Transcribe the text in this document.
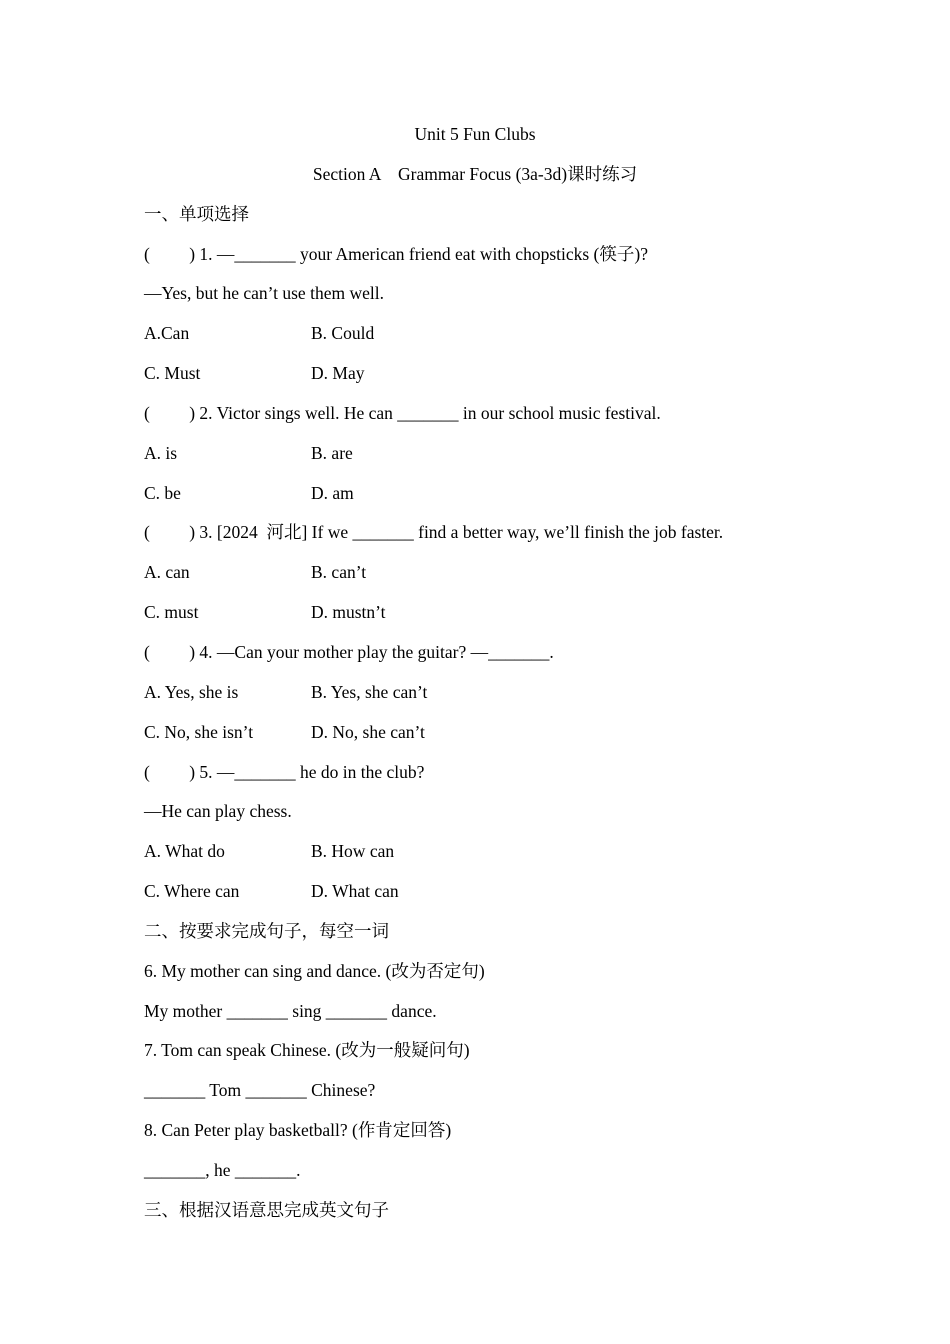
Unit 5 Fun Clubs
Section A　Grammar Focus (3a-3d)课时练习
一、单项选择
(　　 ) 1. —_______ your American friend eat with chopsticks (筷子)?
—Yes, but he can’t use them well.
A.Can	B. Could
C. Must	D. May
(　　 ) 2. Victor sings well. He can _______ in our school music festival.
A. is	B. are
C. be	D. am
(　　 ) 3. [2024  河北] If we _______ find a better way, we’ll finish the job faster.
A. can	B. can’t
C. must	D. mustn’t
(　　 ) 4. —Can your mother play the guitar? —_______.
A. Yes, she is	B. Yes, she can’t
C. No, she isn’t	D. No, she can’t
(　　 ) 5. —_______ he do in the club?
—He can play chess.
A. What do	B. How can
C. Where can	D. What can
二、按要求完成句子，每空一词
6. My mother can sing and dance. (改为否定句)
My mother _______ sing _______ dance.
7. Tom can speak Chinese. (改为一般疑问句)
_______ Tom _______ Chinese?
8. Can Peter play basketball? (作肯定回答)
_______, he _______.
三、根据汉语意思完成英文句子
